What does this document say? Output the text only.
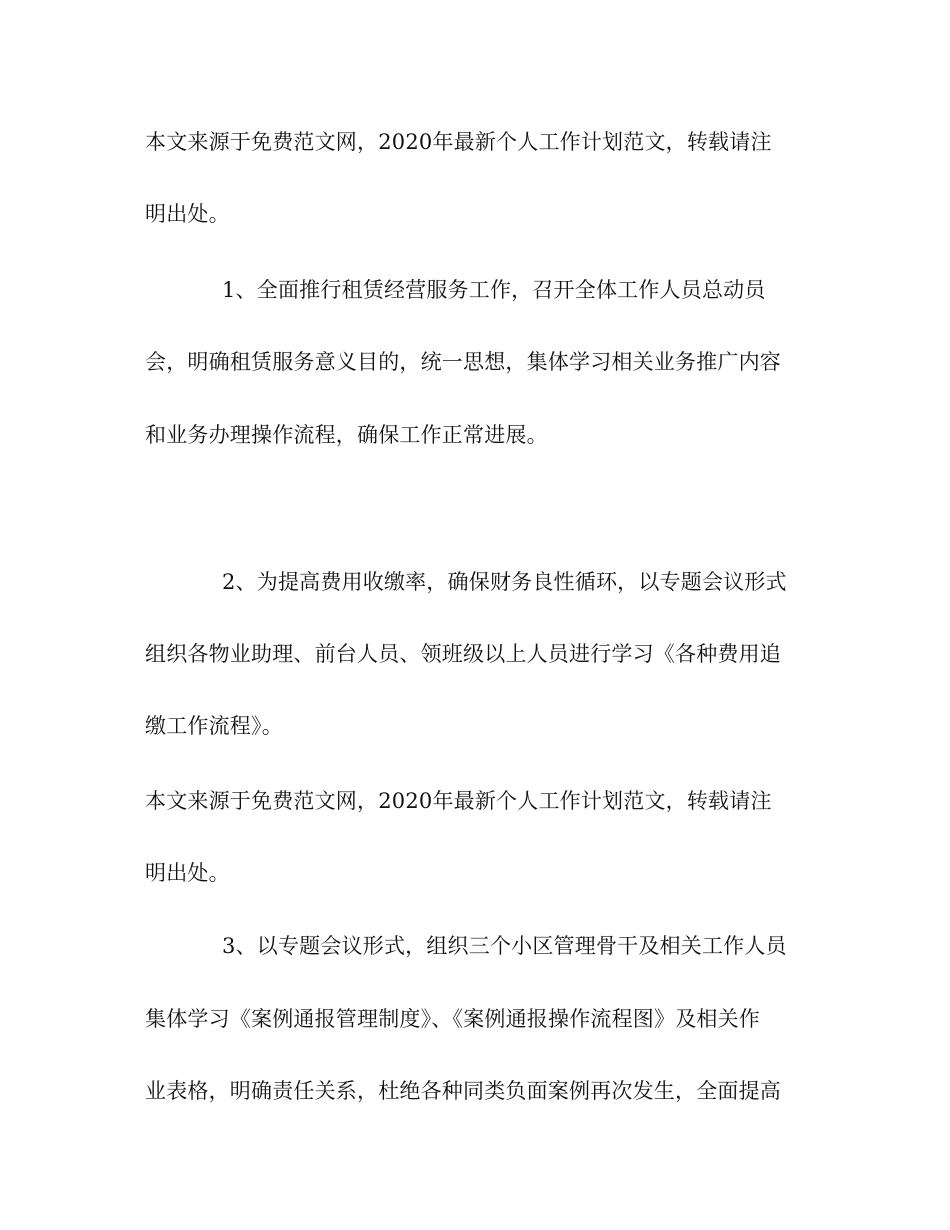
本文来源于免费范文网，2020年最新个人工作计划范文，转载请注
明出处。
1、全面推行租赁经营服务工作，召开全体工作人员总动员
会，明确租赁服务意义目的，统一思想，集体学习相关业务推广内容
和业务办理操作流程，确保工作正常进展。
2、为提高费用收缴率，确保财务良性循环，以专题会议形式
组织各物业助理、前台人员、领班级以上人员进行学习《各种费用追
缴工作流程》。
本文来源于免费范文网，2020年最新个人工作计划范文，转载请注
明出处。
3、以专题会议形式，组织三个小区管理骨干及相关工作人员
集体学习《案例通报管理制度》、《案例通报操作流程图》及相关作
业表格，明确责任关系，杜绝各种同类负面案例再次发生，全面提高
